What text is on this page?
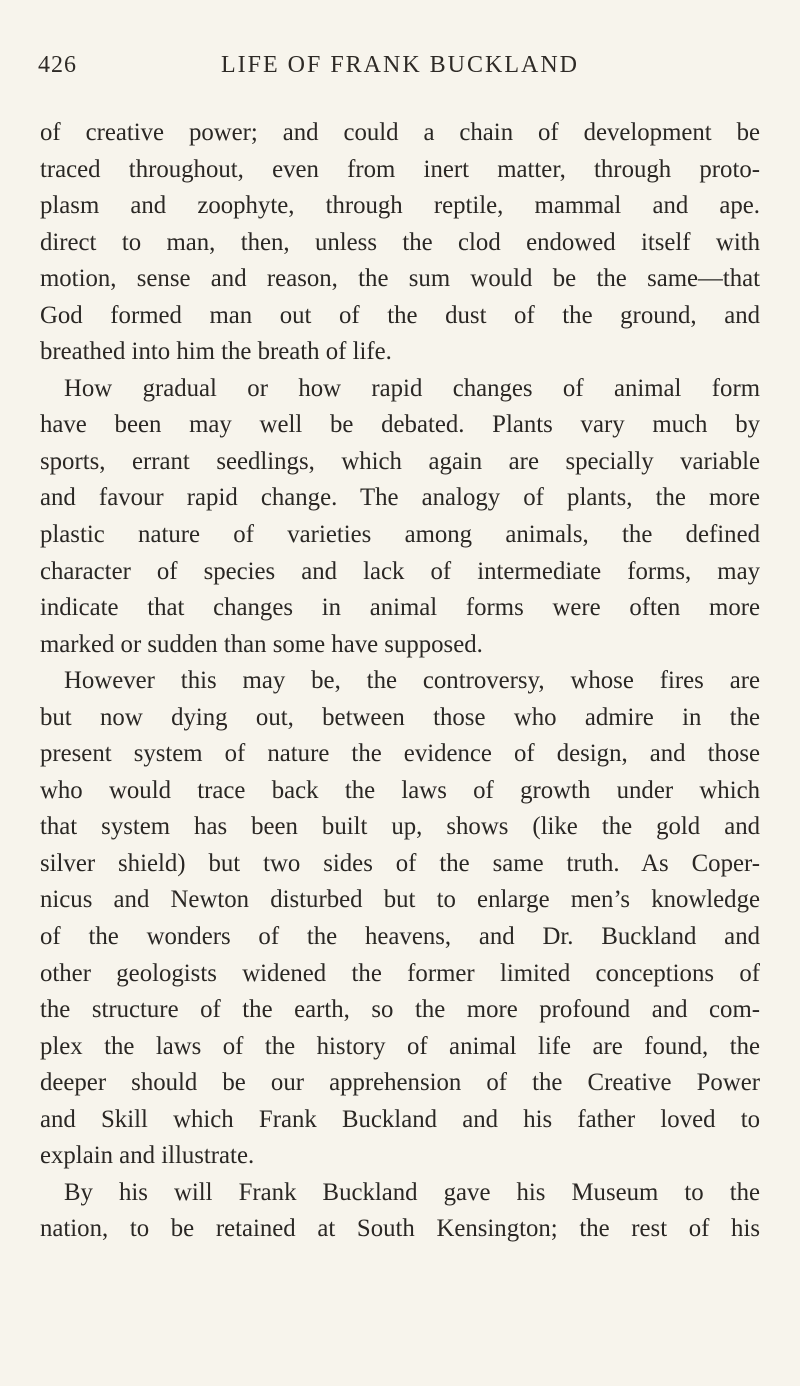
426	LIFE OF FRANK BUCKLAND
of creative power; and could a chain of development be
traced throughout, even from inert matter, through proto-
plasm and zoophyte, through reptile, mammal and ape.
direct to man, then, unless the clod endowed itself with
motion, sense and reason, the sum would be the same—that
God formed man out of the dust of the ground, and
breathed into him the breath of life.
How gradual or how rapid changes of animal form
have been may well be debated. Plants vary much by
sports, errant seedlings, which again are specially variable
and favour rapid change. The analogy of plants, the more
plastic nature of varieties among animals, the defined
character of species and lack of intermediate forms, may
indicate that changes in animal forms were often more
marked or sudden than some have supposed.
However this may be, the controversy, whose fires are
but now dying out, between those who admire in the
present system of nature the evidence of design, and those
who would trace back the laws of growth under which
that system has been built up, shows (like the gold and
silver shield) but two sides of the same truth. As Coper-
nicus and Newton disturbed but to enlarge men’s knowledge
of the wonders of the heavens, and Dr. Buckland and
other geologists widened the former limited conceptions of
the structure of the earth, so the more profound and com-
plex the laws of the history of animal life are found, the
deeper should be our apprehension of the Creative Power
and Skill which Frank Buckland and his father loved to
explain and illustrate.
By his will Frank Buckland gave his Museum to the
nation, to be retained at South Kensington; the rest of his
